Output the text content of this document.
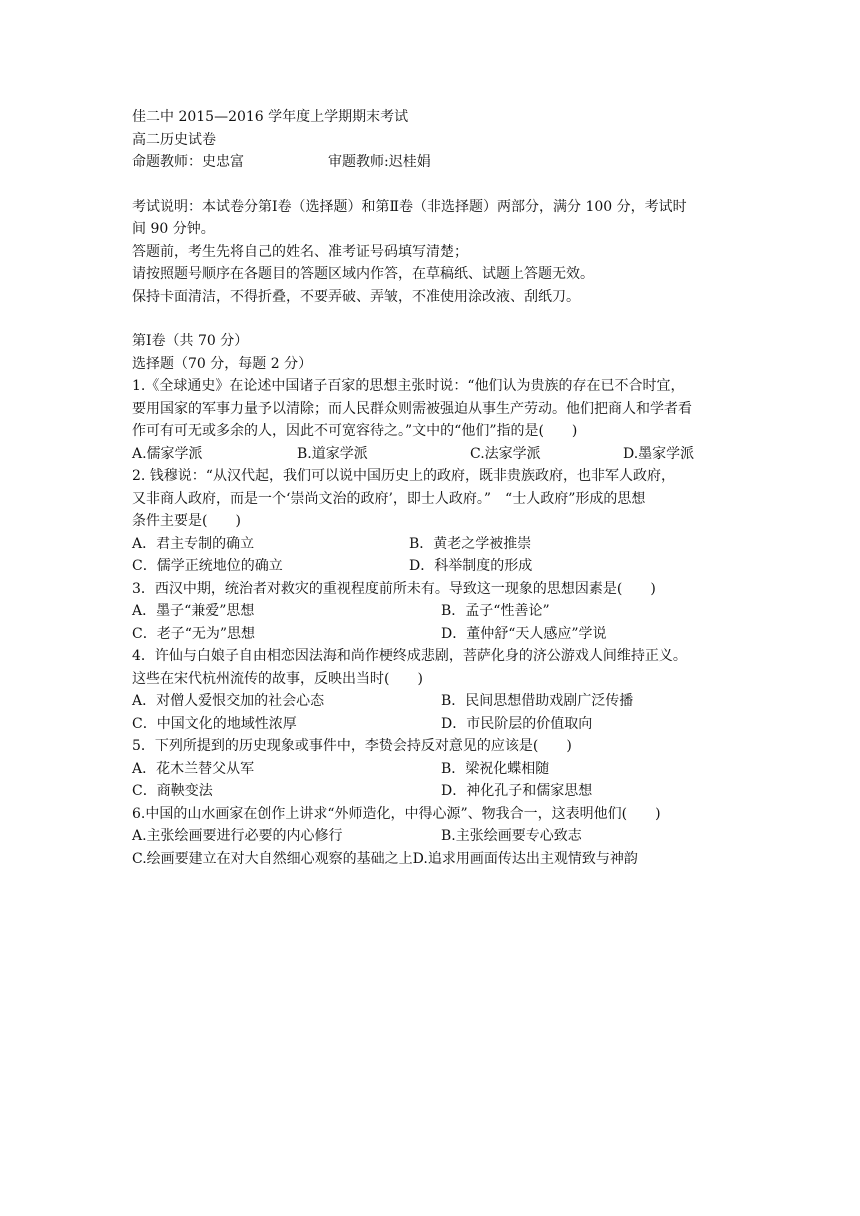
佳二中 2015—2016 学年度上学期期末考试
高二历史试卷
命题教师：史忠富	审题教师:迟桂娟
考试说明：本试卷分第Ⅰ卷（选择题）和第Ⅱ卷（非选择题）两部分，满分 100 分，考试时
间 90 分钟。
答题前，考生先将自己的姓名、准考证号码填写清楚；
请按照题号顺序在各题目的答题区域内作答，在草稿纸、试题上答题无效。
保持卡面清洁，不得折叠，不要弄破、弄皱，不准使用涂改液、刮纸刀。
第Ⅰ卷（共 70 分）
选择题（70 分，每题 2 分）
1.《全球通史》在论述中国诸子百家的思想主张时说：“他们认为贵族的存在已不合时宜，
要用国家的军事力量予以清除；而人民群众则需被强迫从事生产劳动。他们把商人和学者看
作可有可无或多余的人，因此不可宽容待之。”文中的“他们”指的是(　　)
A.儒家学派	B.道家学派	C.法家学派	D.墨家学派
2. 钱穆说：“从汉代起，我们可以说中国历史上的政府，既非贵族政府，也非军人政府，
又非商人政府，而是一个‘崇尚文治的政府’，即士人政府。”　“士人政府”形成的思想
条件主要是(　　)
A．君主专制的确立	B．黄老之学被推崇
C．儒学正统地位的确立	D．科举制度的形成
3．西汉中期，统治者对救灾的重视程度前所未有。导致这一现象的思想因素是(　　)
A．墨子“兼爱”思想	B．孟子“性善论”
C．老子“无为”思想	D．董仲舒“天人感应”学说
4．许仙与白娘子自由相恋因法海和尚作梗终成悲剧，菩萨化身的济公游戏人间维持正义。
这些在宋代杭州流传的故事，反映出当时(　　)
A．对僧人爱恨交加的社会心态	B．民间思想借助戏剧广泛传播
C．中国文化的地域性浓厚	D．市民阶层的价值取向
5．下列所提到的历史现象或事件中，李贽会持反对意见的应该是(　　)
A．花木兰替父从军	B．梁祝化蝶相随
C．商鞅变法	D．神化孔子和儒家思想
6.中国的山水画家在创作上讲求“外师造化，中得心源”、物我合一，这表明他们(　　)
A.主张绘画要进行必要的内心修行	B.主张绘画要专心致志
C.绘画要建立在对大自然细心观察的基础之上 D.追求用画面传达出主观情致与神韵
